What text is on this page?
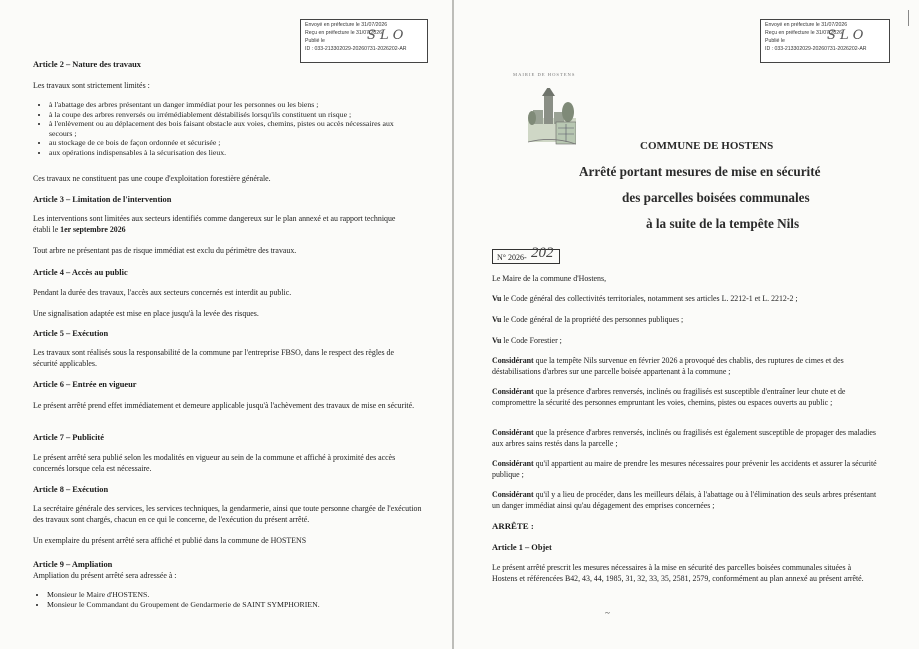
Envoyé en préfecture le 31/07/2026
Reçu en préfecture le 31/07/2026
Publié le
ID : 033-213302029-20260731-2026202-AR
S L O
Article 2 – Nature des travaux
Les travaux sont strictement limités :
• à l'abattage des arbres présentant un danger immédiat pour les personnes ou les biens ;
• à la coupe des arbres renversés ou irrémédiablement déstabilisés lorsqu'ils constituent un risque ;
• à l'enlèvement ou au déplacement des bois faisant obstacle aux voies, chemins, pistes ou accès nécessaires aux secours ;
• au stockage de ce bois de façon ordonnée et sécurisée ;
• aux opérations indispensables à la sécurisation des lieux.
Ces travaux ne constituent pas une coupe d'exploitation forestière générale.
Article 3 – Limitation de l'intervention
Les interventions sont limitées aux secteurs identifiés comme dangereux sur le plan annexé et au rapport technique établi le 1er septembre 2026
Tout arbre ne présentant pas de risque immédiat est exclu du périmètre des travaux.
Article 4 – Accès au public
Pendant la durée des travaux, l'accès aux secteurs concernés est interdit au public.
Une signalisation adaptée est mise en place jusqu'à la levée des risques.
Article 5 – Exécution
Les travaux sont réalisés sous la responsabilité de la commune par l'entreprise FBSO, dans le respect des règles de sécurité applicables.
Article 6 – Entrée en vigueur
Le présent arrêté prend effet immédiatement et demeure applicable jusqu'à l'achèvement des travaux de mise en sécurité.
Article 7 – Publicité
Le présent arrêté sera publié selon les modalités en vigueur au sein de la commune et affiché à proximité des accès concernés lorsque cela est nécessaire.
Article 8 – Exécution
La secrétaire générale des services, les services techniques, la gendarmerie, ainsi que toute personne chargée de l'exécution des travaux sont chargés, chacun en ce qui le concerne, de l'exécution du présent arrêté.
Un exemplaire du présent arrêté sera affiché et publié dans la commune de HOSTENS
Article 9 – Ampliation
Ampliation du présent arrêté sera adressée à :
• Monsieur le Maire d'HOSTENS.
• Monsieur le Commandant du Groupement de Gendarmerie de SAINT SYMPHORIEN.
Envoyé en préfecture le 31/07/2026
Reçu en préfecture le 31/07/2026
Publié le
ID : 033-213302029-20260731-2026202-AR
S L O
MAIRIE DE HOSTENS
COMMUNE DE HOSTENS
Arrêté portant mesures de mise en sécurité
des parcelles boisées communales
à la suite de la tempête Nils
N° 2026- 202
Le Maire de la commune d'Hostens,
Vu le Code général des collectivités territoriales, notamment ses articles L. 2212-1 et L. 2212-2 ;
Vu le Code général de la propriété des personnes publiques ;
Vu le Code Forestier ;
Considérant que la tempête Nils survenue en février 2026 a provoqué des chablis, des ruptures de cimes et des déstabilisations d'arbres sur une parcelle boisée appartenant à la commune ;
Considérant que la présence d'arbres renversés, inclinés ou fragilisés est susceptible d'entraîner leur chute et de compromettre la sécurité des personnes empruntant les voies, chemins, pistes ou espaces ouverts au public ;
Considérant que la présence d'arbres renversés, inclinés ou fragilisés est également susceptible de propager des maladies aux arbres sains restés dans la parcelle ;
Considérant qu'il appartient au maire de prendre les mesures nécessaires pour prévenir les accidents et assurer la sécurité publique ;
Considérant qu'il y a lieu de procéder, dans les meilleurs délais, à l'abattage ou à l'élimination des seuls arbres présentant un danger immédiat ainsi qu'au dégagement des emprises concernées ;
ARRÊTE :
Article 1 – Objet
Le présent arrêté prescrit les mesures nécessaires à la mise en sécurité des parcelles boisées communales situées à Hostens et référencées B42, 43, 44, 1985, 31, 32, 33, 35, 2581, 2579, conformément au plan annexé au présent arrêté.
~
